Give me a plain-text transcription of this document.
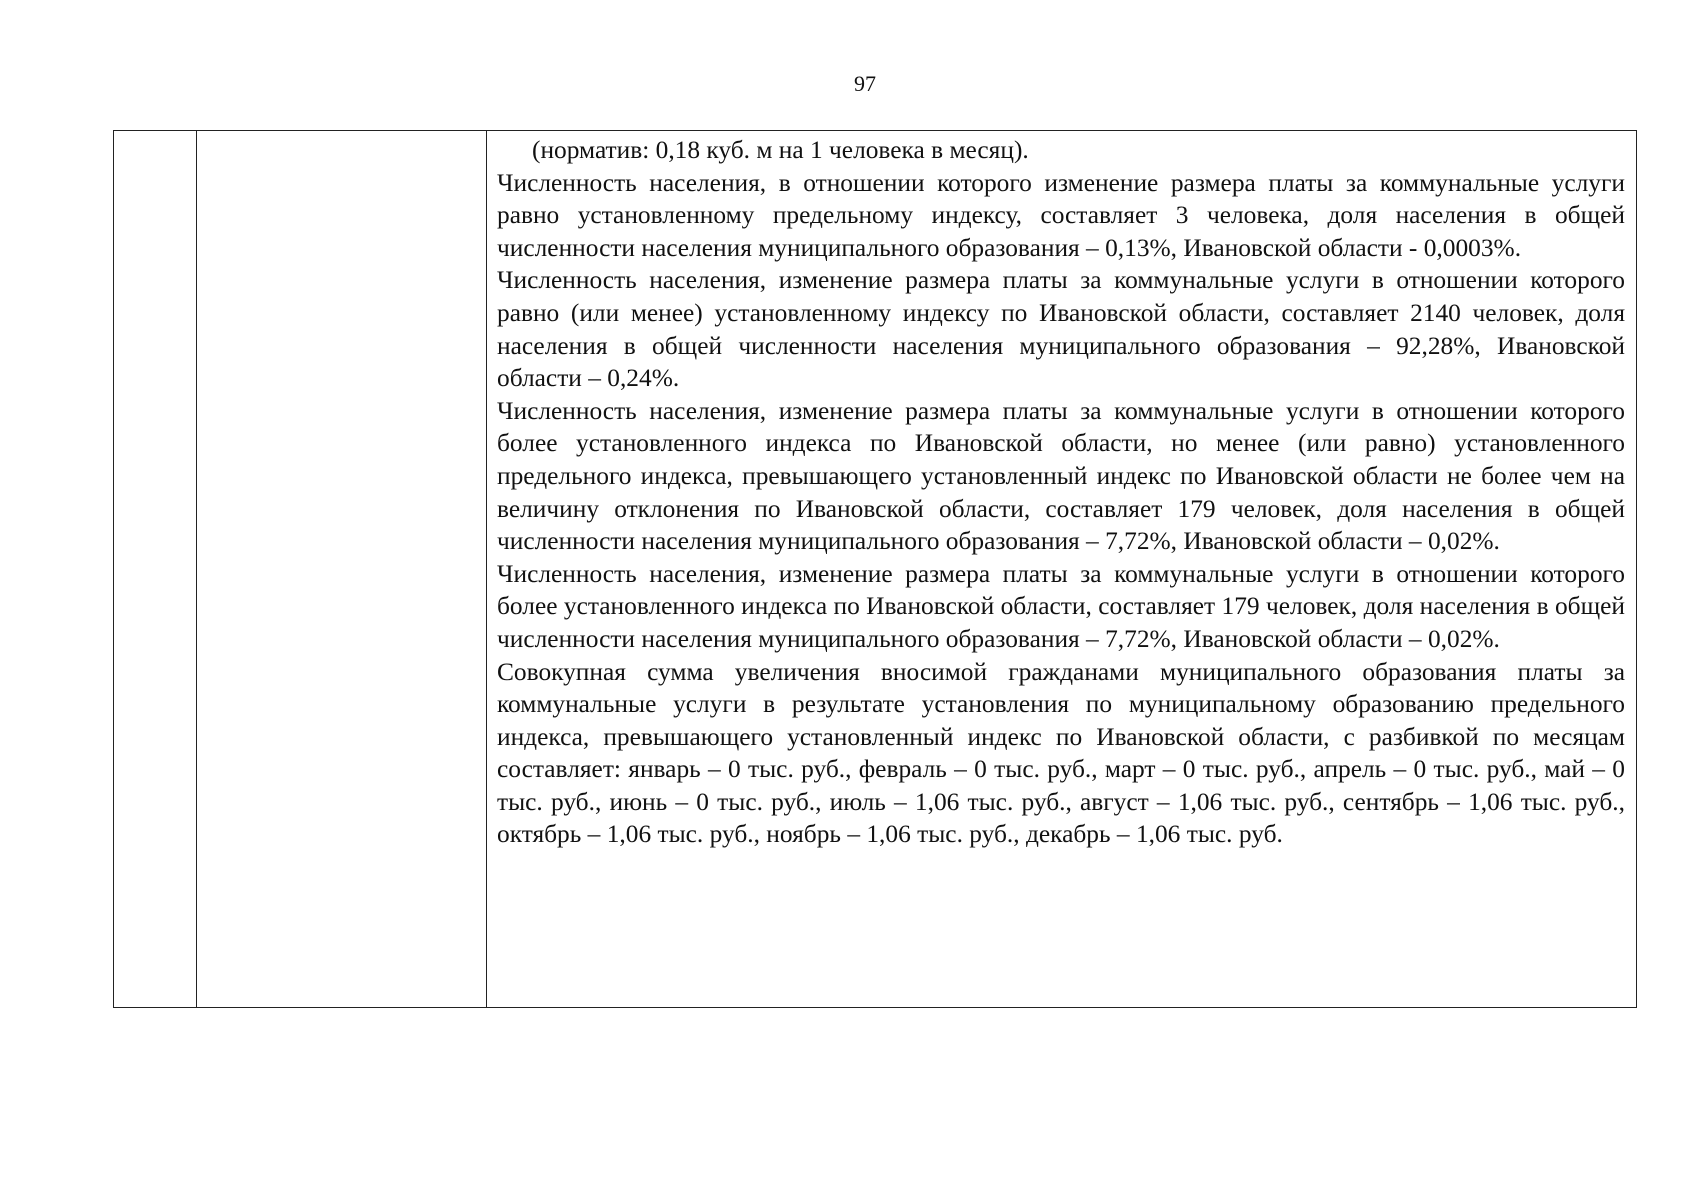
97

(норматив: 0,18 куб. м на 1 человека в месяц).

Численность населения, в отношении которого изменение размера платы за коммунальные услуги равно установленному предельному индексу, составляет 3 человека, доля населения в общей численности населения муниципального образования – 0,13%, Ивановской области - 0,0003%.

Численность населения, изменение размера платы за коммунальные услуги в отношении которого равно (или менее) установленному индексу по Ивановской области, составляет 2140 человек, доля населения в общей численности населения муниципального образования – 92,28%, Ивановской области – 0,24%.

Численность населения, изменение размера платы за коммунальные услуги в отношении которого более установленного индекса по Ивановской области, но менее (или равно) установленного предельного индекса, превышающего установленный индекс по Ивановской области не более чем на величину отклонения по Ивановской области, составляет 179 человек, доля населения в общей численности населения муниципального образования – 7,72%, Ивановской области – 0,02%.

Численность населения, изменение размера платы за коммунальные услуги в отношении которого более установленного индекса по Ивановской области, составляет 179 человек, доля населения в общей численности населения муниципального образования – 7,72%, Ивановской области – 0,02%.

Совокупная сумма увеличения вносимой гражданами муниципального образования платы за коммунальные услуги в результате установления по муниципальному образованию предельного индекса, превышающего установленный индекс по Ивановской области, с разбивкой по месяцам составляет: январь – 0 тыс. руб., февраль – 0 тыс. руб., март – 0 тыс. руб., апрель – 0 тыс. руб., май – 0 тыс. руб., июнь – 0 тыс. руб., июль – 1,06 тыс. руб., август – 1,06 тыс. руб., сентябрь – 1,06 тыс. руб., октябрь – 1,06 тыс. руб., ноябрь – 1,06 тыс. руб., декабрь – 1,06 тыс. руб.
